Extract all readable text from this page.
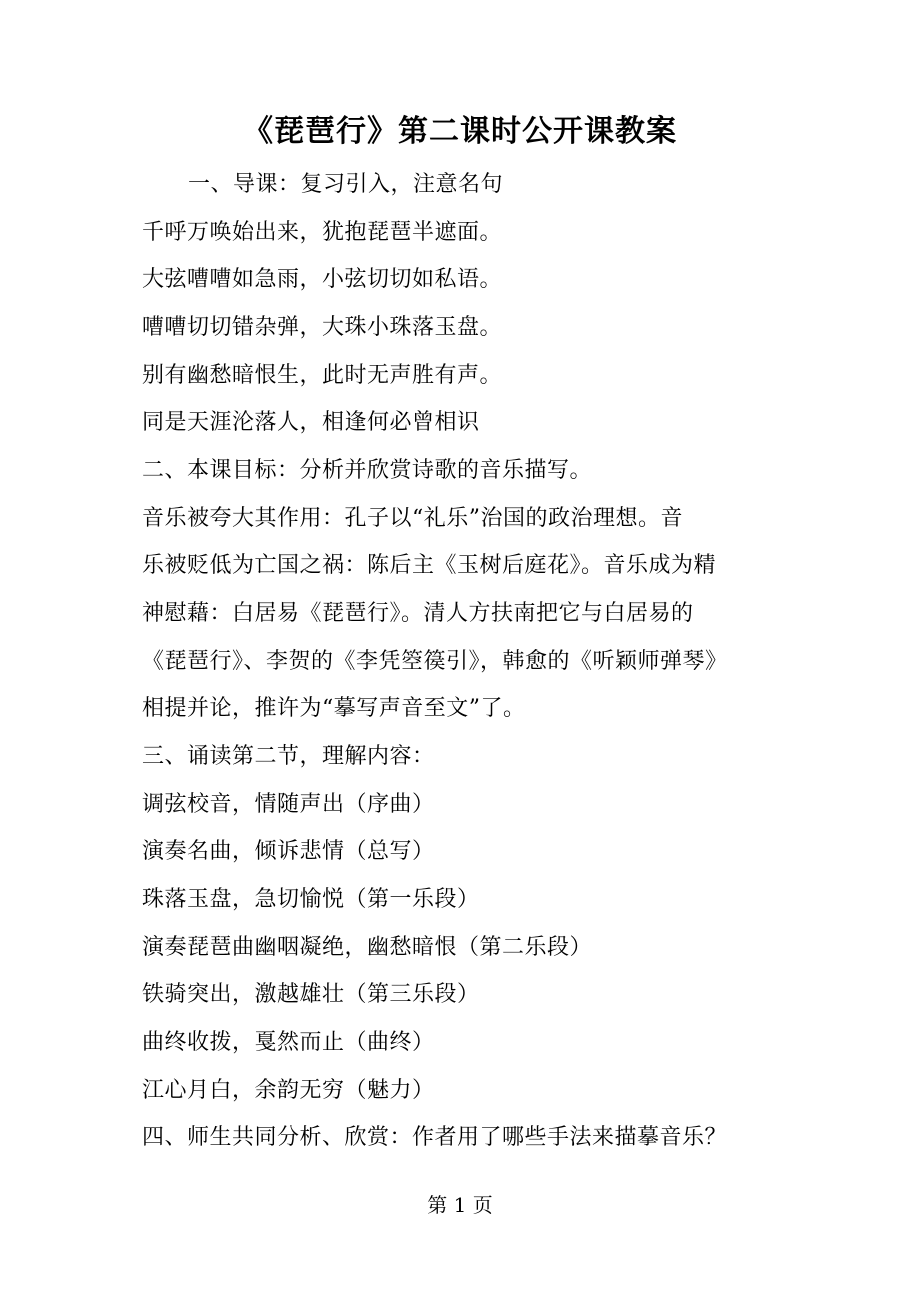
《琵琶行》第二课时公开课教案
一、导课：复习引入，注意名句
千呼万唤始出来，犹抱琵琶半遮面。
大弦嘈嘈如急雨，小弦切切如私语。
嘈嘈切切错杂弹，大珠小珠落玉盘。
别有幽愁暗恨生，此时无声胜有声。
同是天涯沦落人，相逢何必曾相识
二、本课目标：分析并欣赏诗歌的音乐描写。
音乐被夸大其作用：孔子以“礼乐”治国的政治理想。音
乐被贬低为亡国之祸：陈后主《玉树后庭花》。音乐成为精
神慰藉：白居易《琵琶行》。清人方扶南把它与白居易的
《琵琶行》、李贺的《李凭箜篌引》，韩愈的《听颖师弹琴》
相提并论，推许为“摹写声音至文”了。
三、诵读第二节，理解内容：
调弦校音，情随声出（序曲）
演奏名曲，倾诉悲情（总写）
珠落玉盘，急切愉悦（第一乐段）
演奏琵琶曲幽咽凝绝，幽愁暗恨（第二乐段）
铁骑突出，激越雄壮（第三乐段）
曲终收拨，戛然而止（曲终）
江心月白，余韵无穷（魅力）
四、师生共同分析、欣赏：作者用了哪些手法来描摹音乐？
第 1 页
